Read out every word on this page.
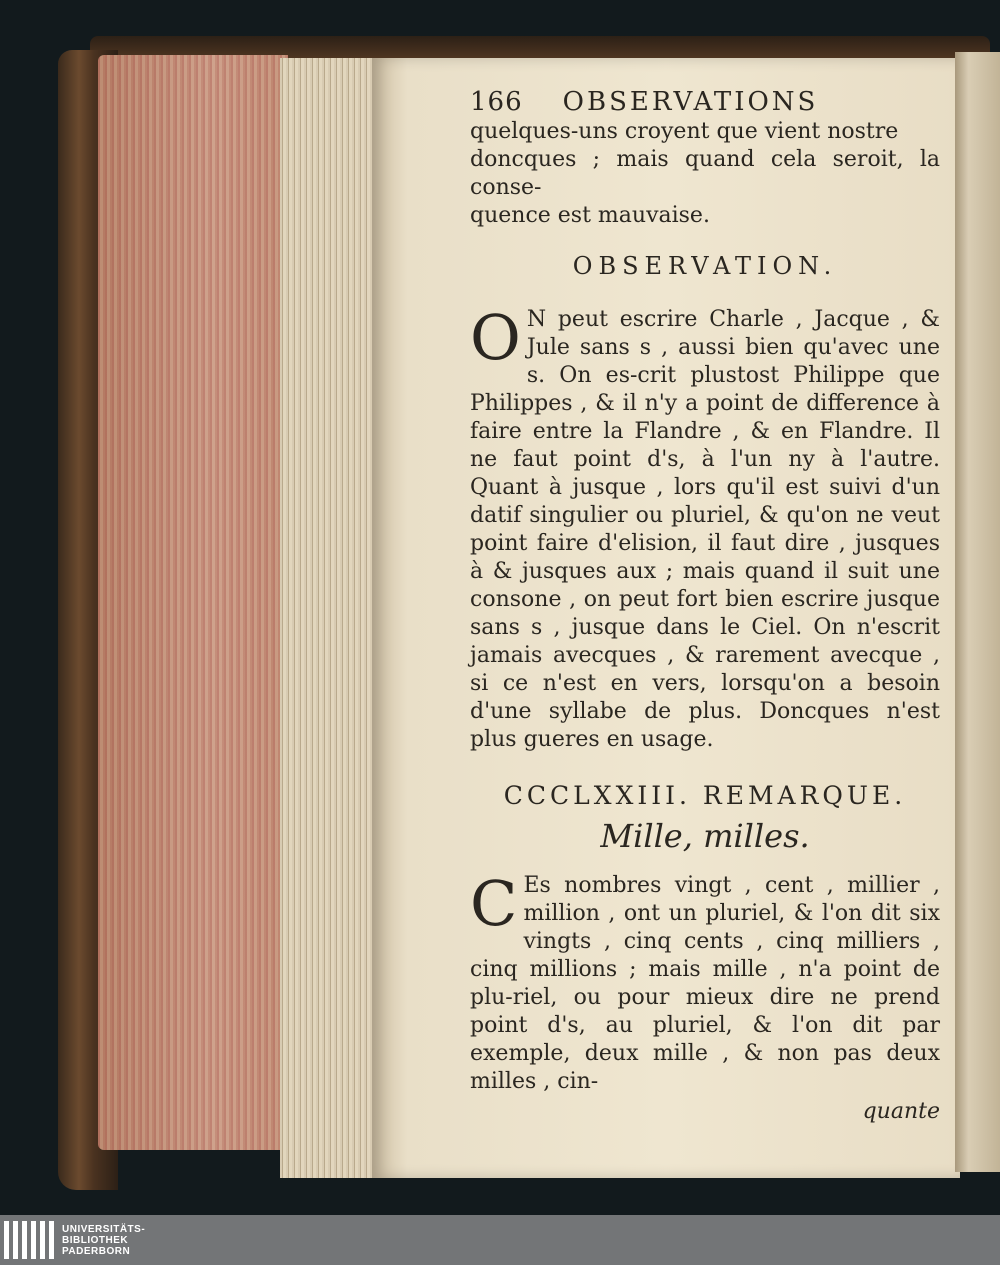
166 OBSERVATIONS

quelques-uns croyent que vient nostre

doncques ; mais quand cela seroit, la conse-

quence est mauvaise.

OBSERVATION.

O N peut escrire Charle , Jacque , & Jule sans s , aussi bien qu'avec une s. On es-crit plustost Philippe que Philippes , & il n'y a point de difference à faire entre la Flandre , & en Flandre. Il ne faut point d's, à l'un ny à l'autre. Quant à jusque , lors qu'il est suivi d'un datif singulier ou pluriel, & qu'on ne veut point faire d'elision, il faut dire , jusques à & jusques aux ; mais quand il suit une consone , on peut fort bien escrire jusque sans s , jusque dans le Ciel. On n'escrit jamais avecques , & rarement avecque , si ce n'est en vers, lorsqu'on a besoin d'une syllabe de plus. Doncques n'est plus gueres en usage.

CCCLXXIII. REMARQUE.
Mille, milles.

C Es nombres vingt , cent , millier , million , ont un pluriel, & l'on dit six vingts , cinq cents , cinq milliers , cinq millions ; mais mille , n'a point de plu-riel, ou pour mieux dire ne prend point d's, au pluriel, & l'on dit par exemple, deux mille , & non pas deux milles , cin-

quante
UNIVERSITÄTS-
BIBLIOTHEK
PADERBORN
